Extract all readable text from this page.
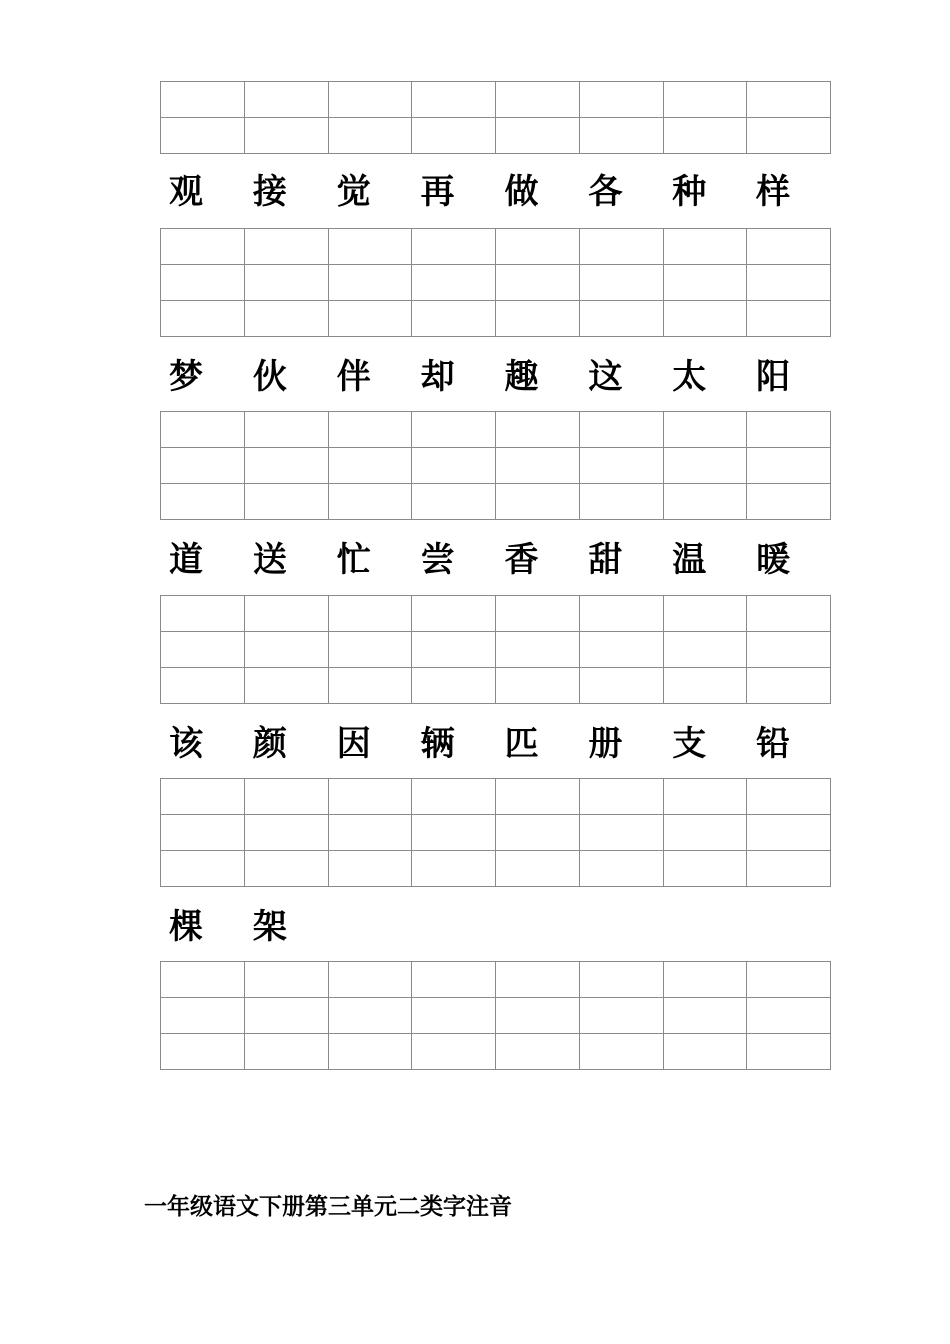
观	接	觉	再	做	各	种	样

梦	伙	伴	却	趣	这	太	阳

道	送	忙	尝	香	甜	温	暖

该	颜	因	辆	匹	册	支	铅

棵	架

一年级语文下册第三单元二类字注音
